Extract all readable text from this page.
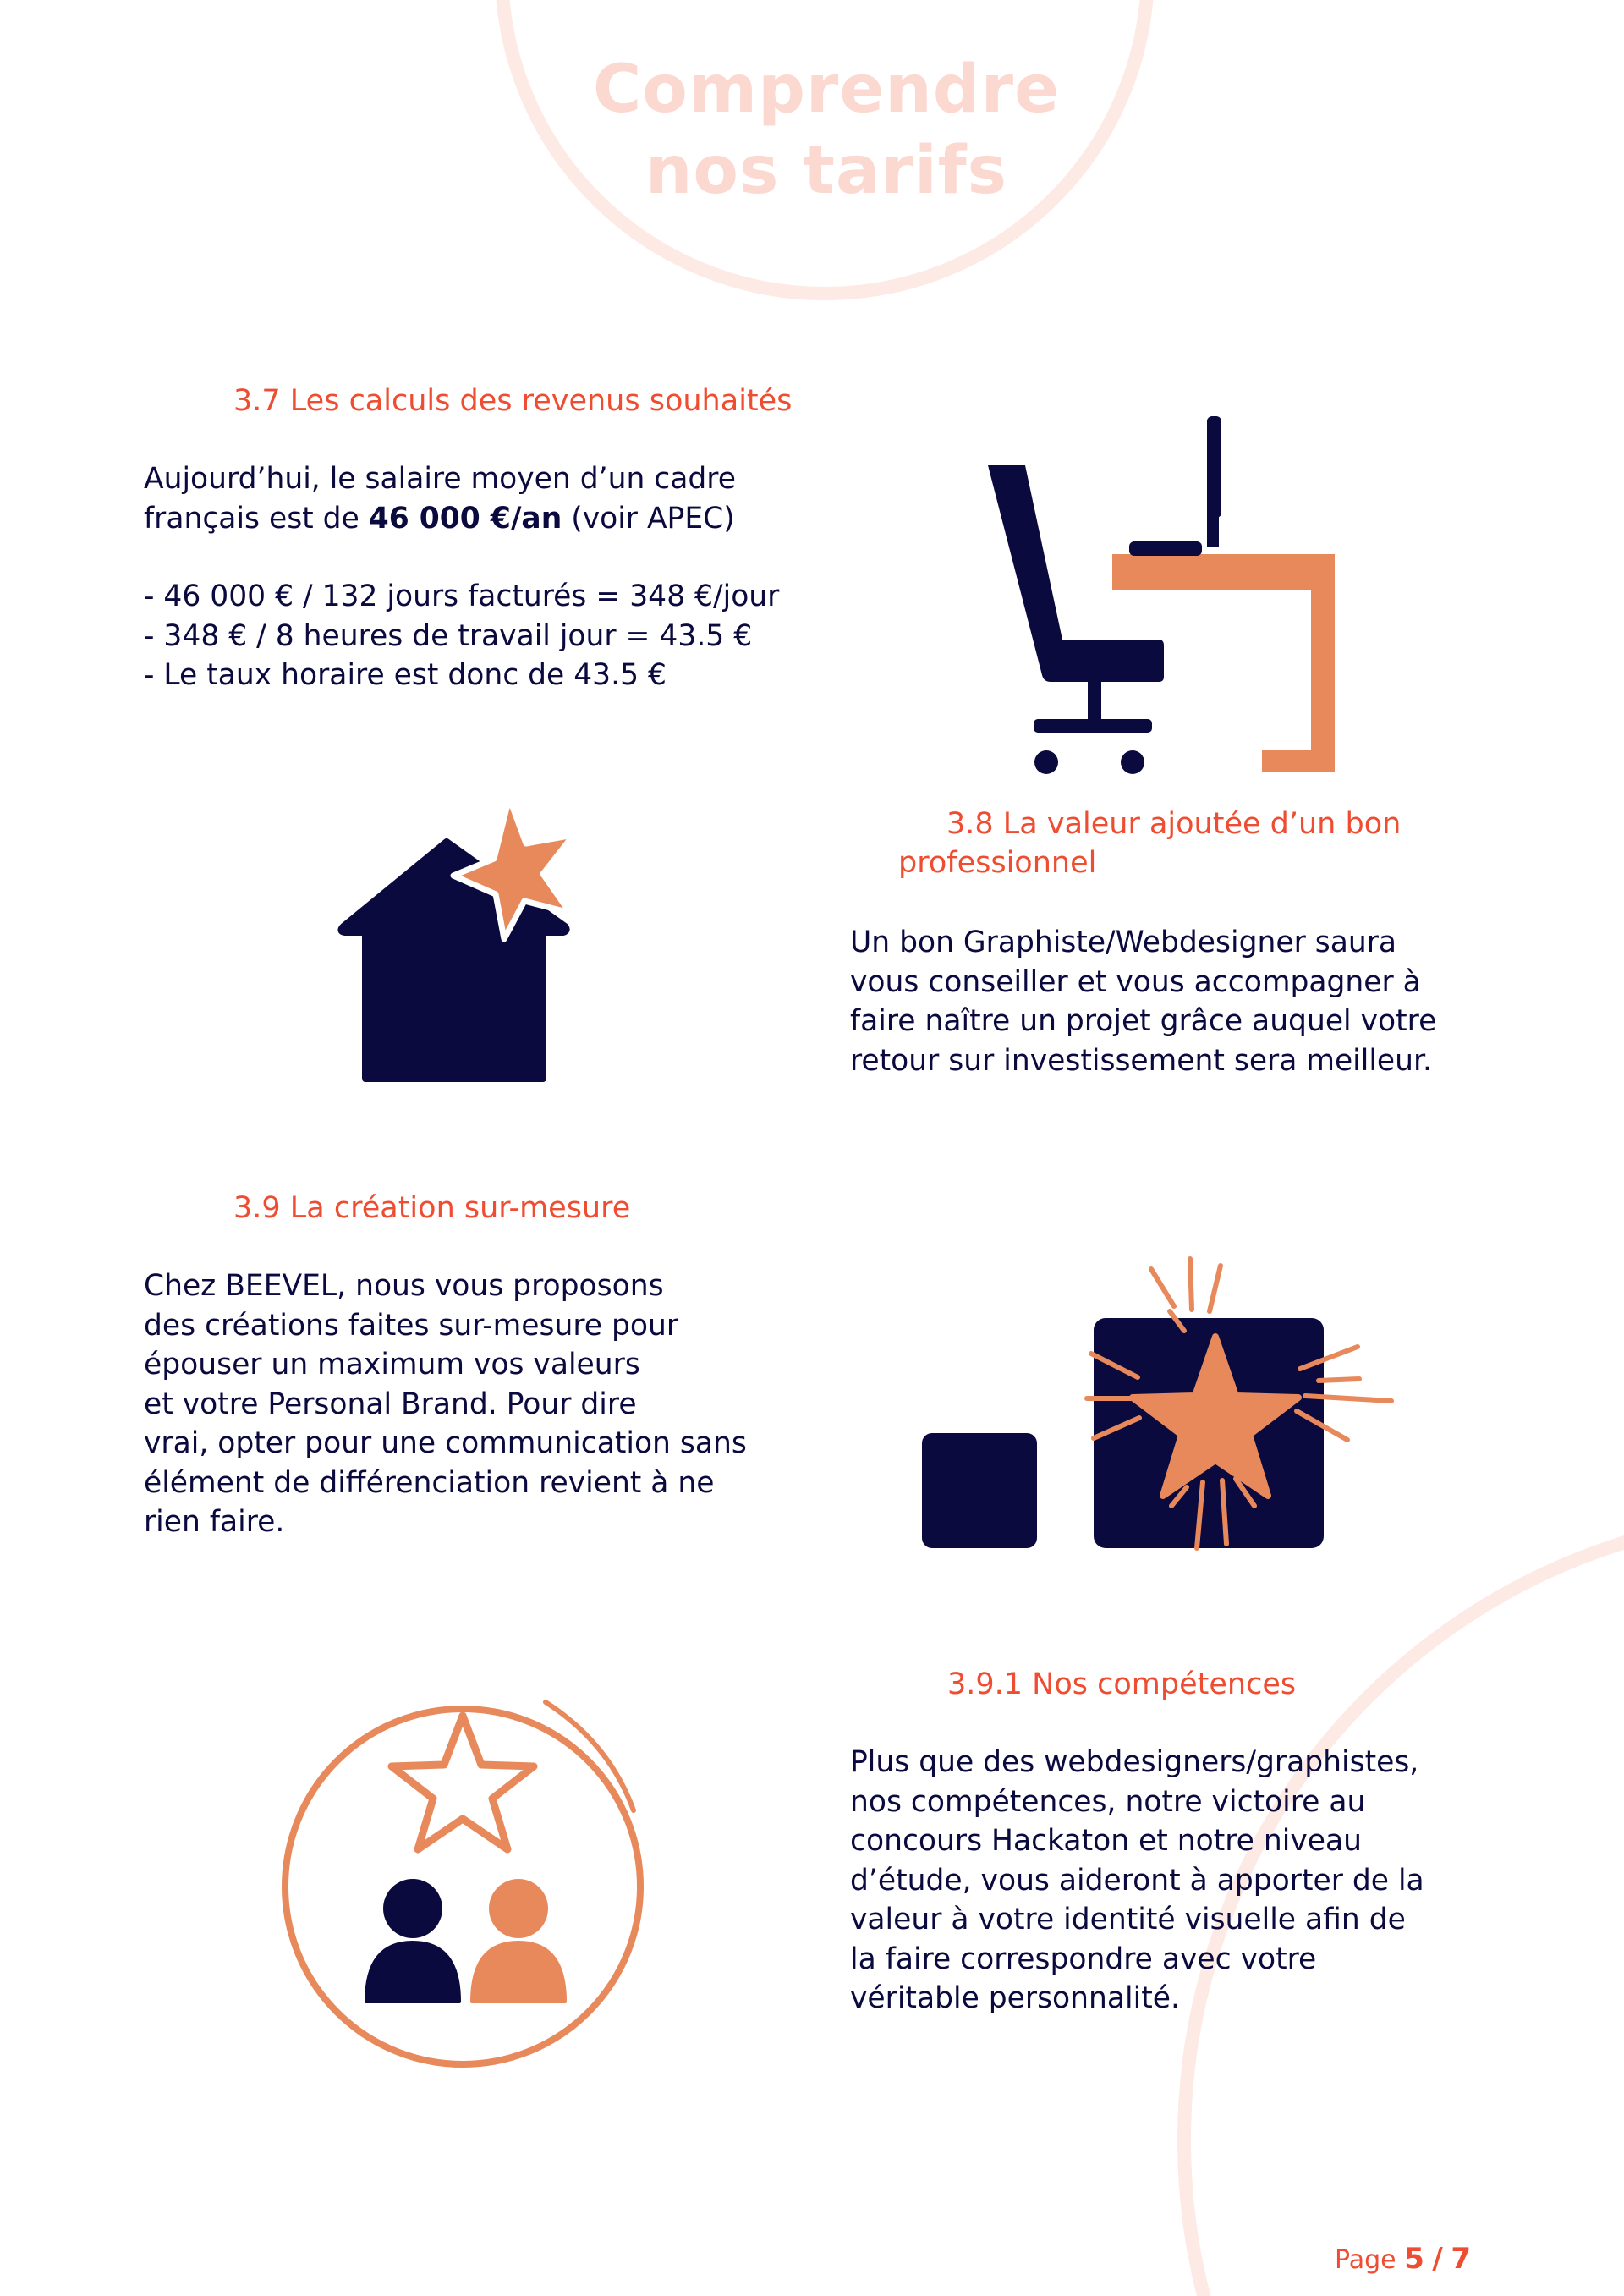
Comprendre
nos tarifs
3.7 Les calculs des revenus souhaités
Aujourd’hui, le salaire moyen d’un cadre
français est de 46 000 €/an (voir APEC)
- 46 000 € / 132 jours facturés = 348 €/jour
- 348 € / 8 heures de travail jour = 43.5 €
- Le taux horaire est donc de 43.5 €
3.8 La valeur ajoutée d’un bon
professionnel
Un bon Graphiste/Webdesigner saura
vous conseiller et vous accompagner à
faire naître un projet grâce auquel votre
retour sur investissement sera meilleur.
3.9 La création sur-mesure
Chez BEEVEL, nous vous proposons
des créations faites sur-mesure pour
épouser un maximum vos valeurs
et votre Personal Brand. Pour dire
vrai, opter pour une communication sans
élément de différenciation revient à ne
rien faire.
3.9.1 Nos compétences
Plus que des webdesigners/graphistes,
nos compétences, notre victoire au
concours Hackaton et notre niveau
d’étude, vous aideront à apporter de la
valeur à votre identité visuelle afin de
la faire correspondre avec votre
véritable personnalité.
Page 5 / 7
